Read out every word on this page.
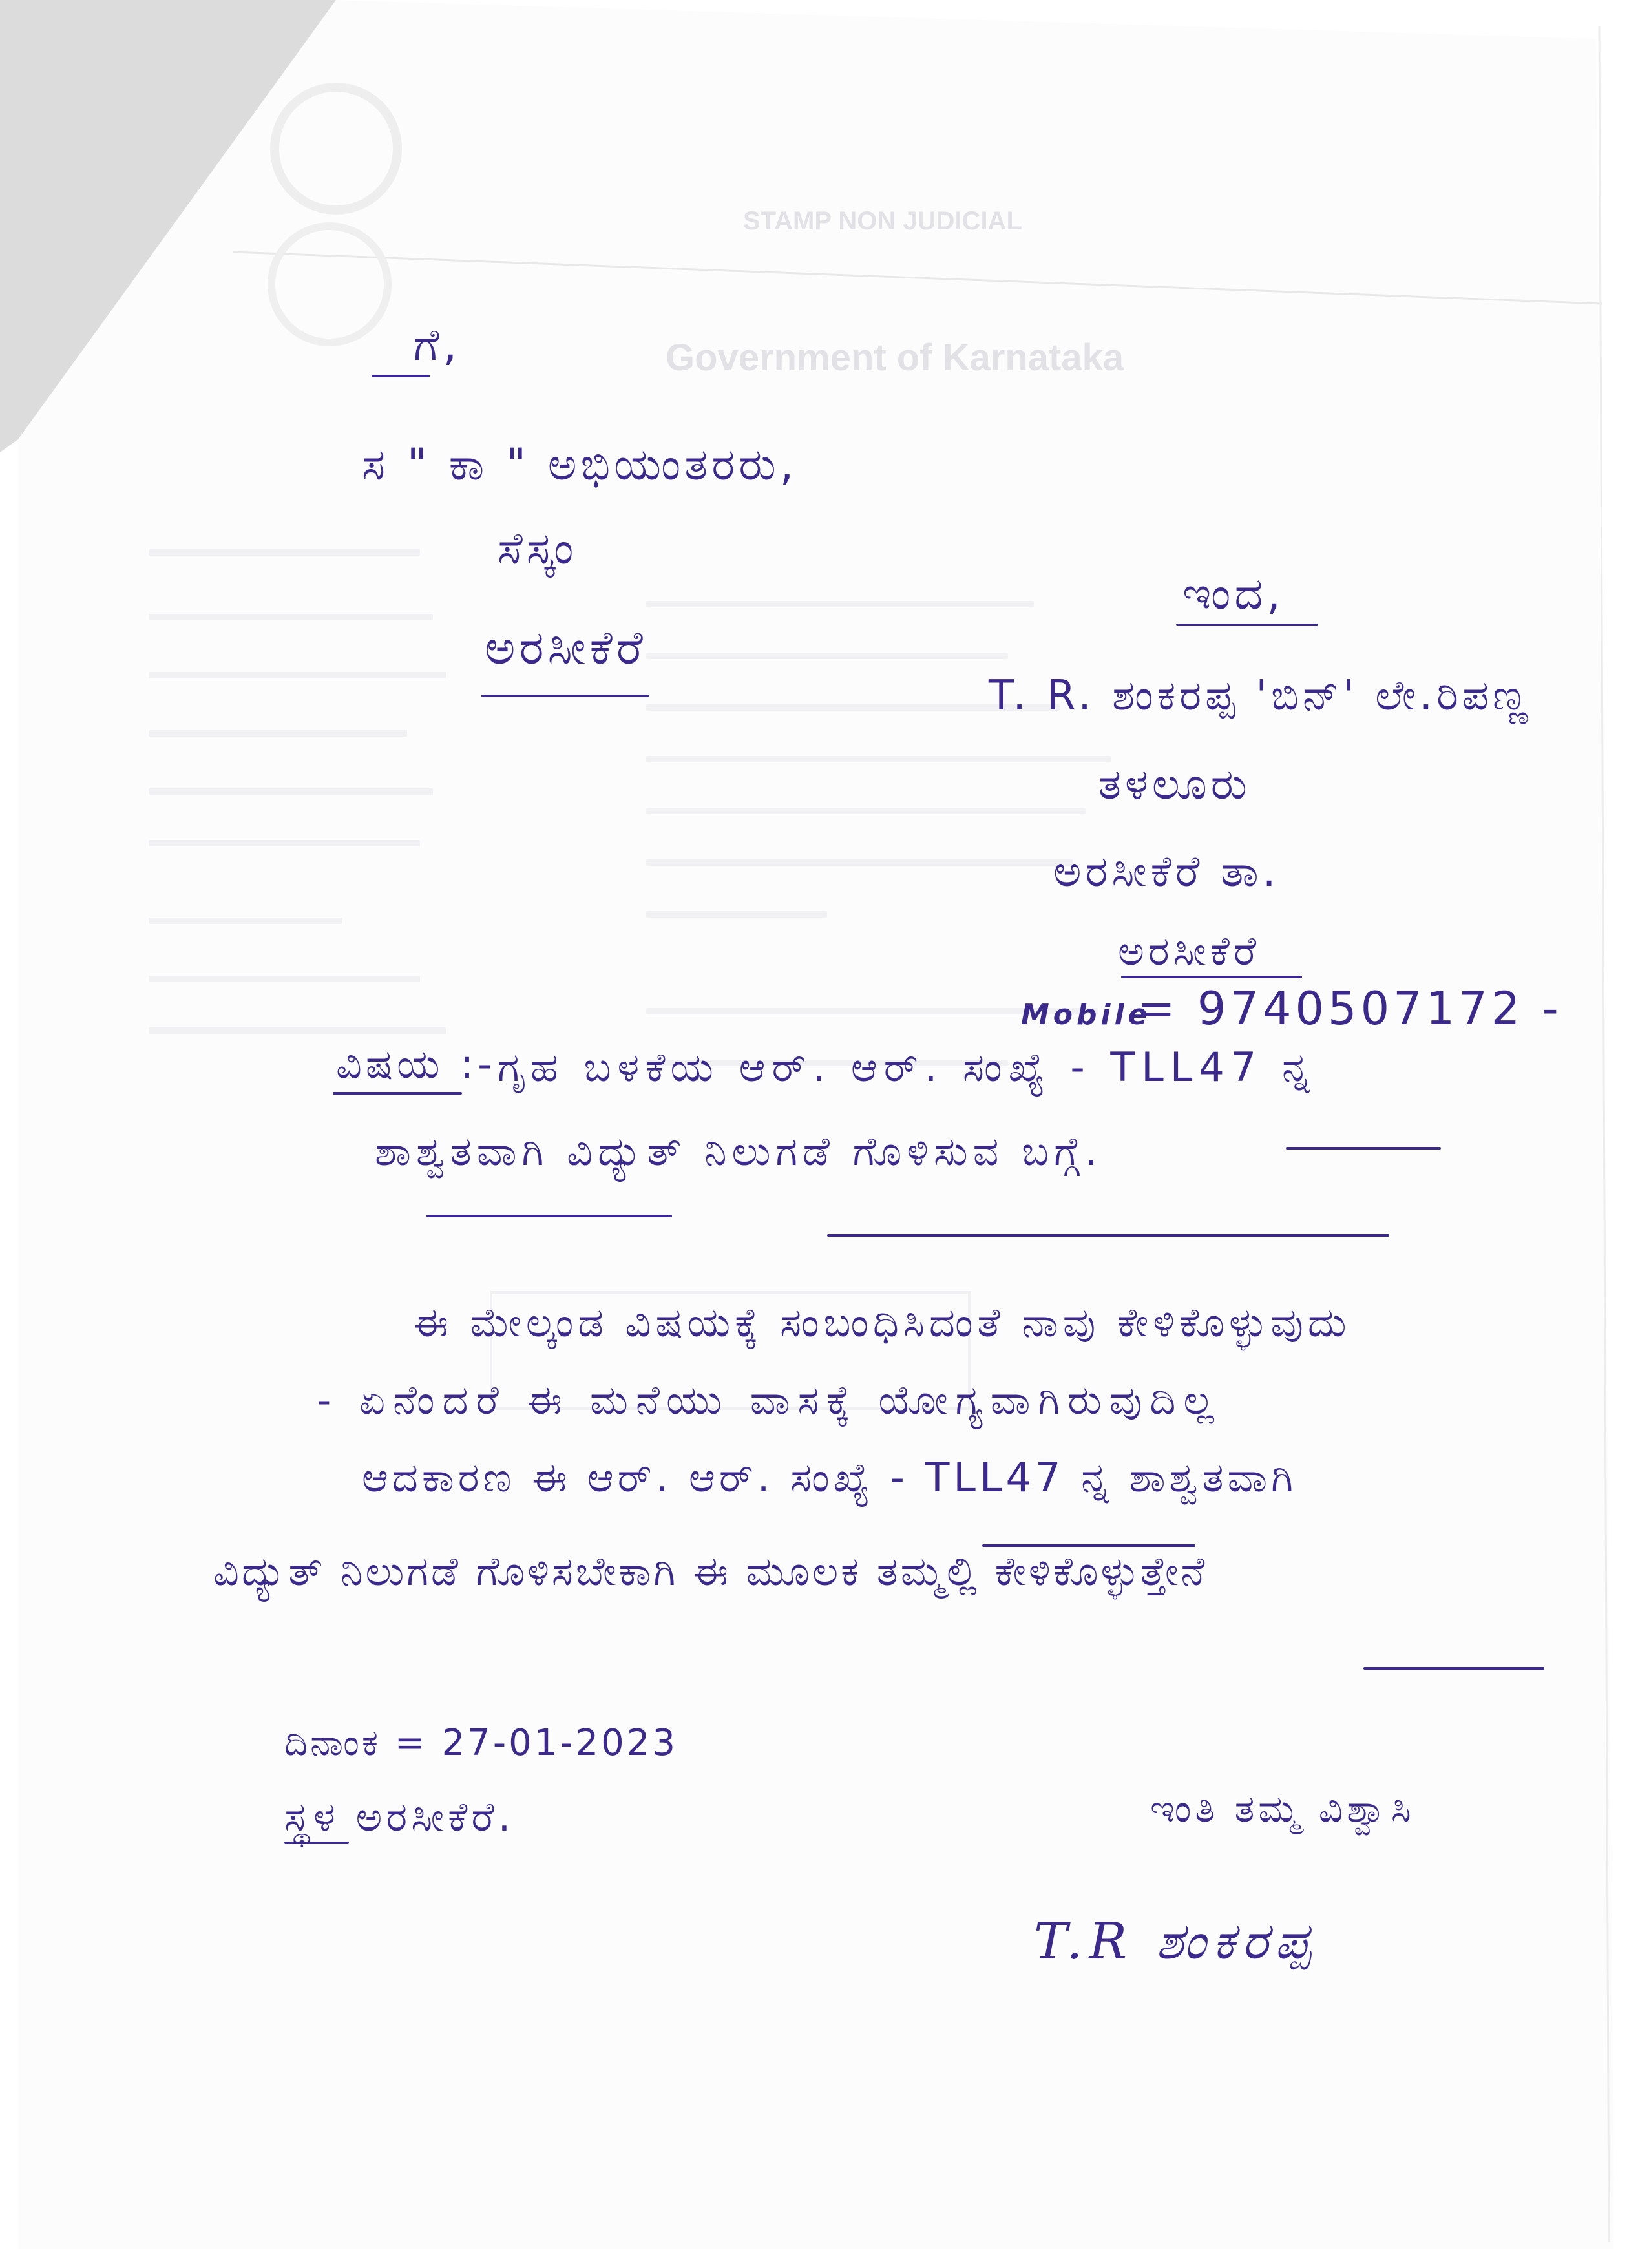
STAMP NON JUDICIAL
Government of Karnataka
ಗೆ,
ಸ " ಕಾ " ಅಭಿಯಂತರರು,
ಸೆಸ್ಕಂ
ಅರಸೀಕೆರೆ
ಇಂದ,
T. R. ಶಂಕರಪ್ಪ 'ಬಿನ್' ಲೇ.ರಿಪಣ್ಣ
ತಳಲೂರು
ಅರಸೀಕೆರೆ ತಾ.
ಅರಸೀಕೆರೆ
Mobile
= 9740507172 -
ವಿಷಯ :- ಗೃಹ ಬಳಕೆಯ ಆರ್. ಆರ್. ಸಂಖ್ಯೆ - TLL47 ನ್ನ
ಶಾಶ್ವತವಾಗಿ ವಿದ್ಯುತ್ ನಿಲುಗಡೆ ಗೊಳಿಸುವ ಬಗ್ಗೆ.
ಈ ಮೇಲ್ಕಂಡ ವಿಷಯಕ್ಕೆ ಸಂಬಂಧಿಸಿದಂತೆ ನಾವು ಕೇಳಿಕೊಳ್ಳುವುದು
- ಏನೆಂದರೆ ಈ ಮನೆಯು ವಾಸಕ್ಕೆ ಯೋಗ್ಯವಾಗಿರುವುದಿಲ್ಲ
ಆದಕಾರಣ ಈ ಆರ್. ಆರ್. ಸಂಖ್ಯೆ - TLL47 ನ್ನ ಶಾಶ್ವತವಾಗಿ
ವಿದ್ಯುತ್ ನಿಲುಗಡೆ ಗೊಳಿಸಬೇಕಾಗಿ ಈ ಮೂಲಕ ತಮ್ಮಲ್ಲಿ ಕೇಳಿಕೊಳ್ಳುತ್ತೇನೆ
ದಿನಾಂಕ = 27-01-2023
ಸ್ಥಳ ಅರಸೀಕೆರೆ.	ಇಂತಿ ತಮ್ಮ ವಿಶ್ವಾಸಿ
T.R ಶಂಕರಪ್ಪ
